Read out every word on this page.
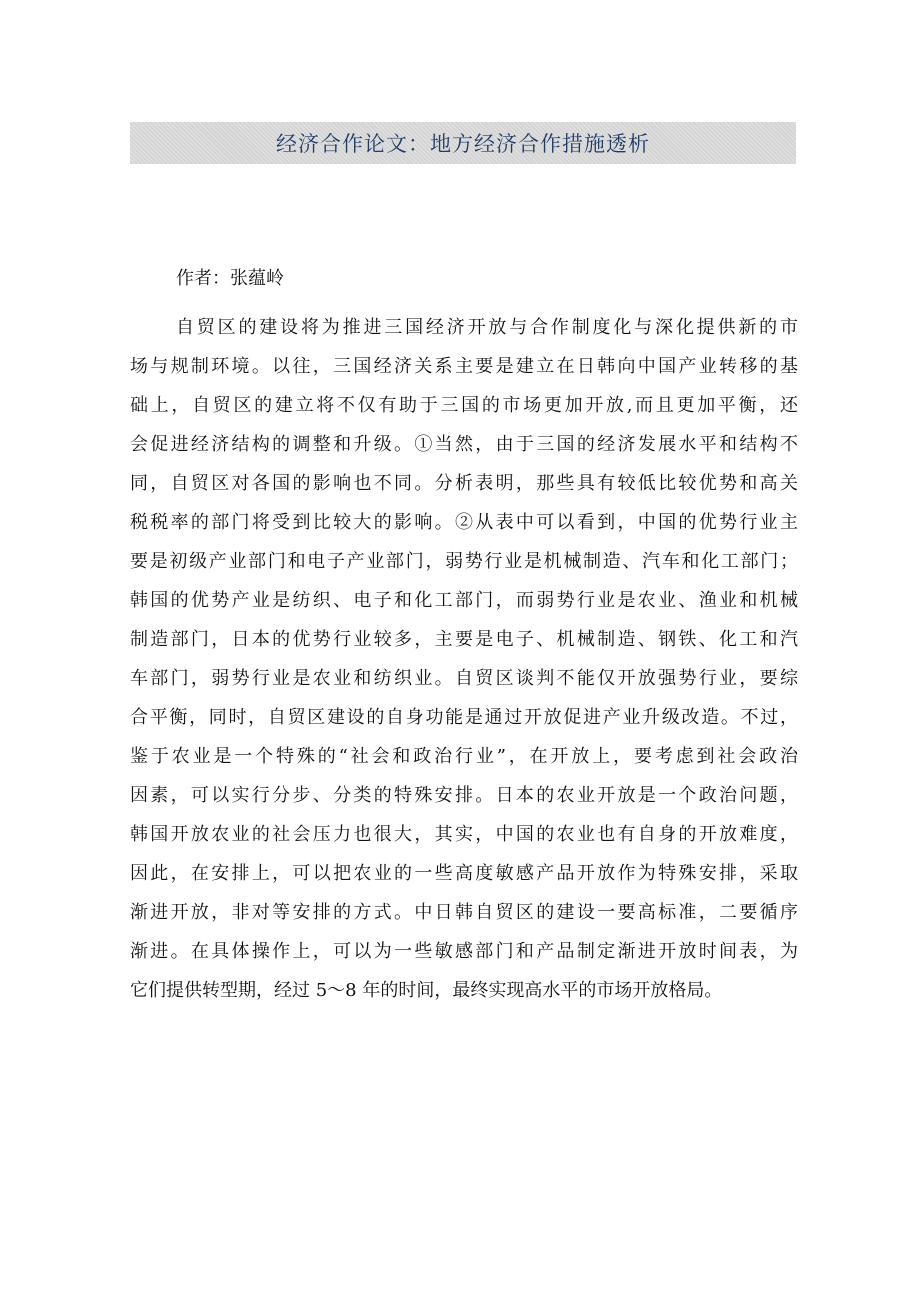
经济合作论文：地方经济合作措施透析
作者：张蕴岭
自贸区的建设将为推进三国经济开放与合作制度化与深化提供新的市
场与规制环境。以往，三国经济关系主要是建立在日韩向中国产业转移的基
础上，自贸区的建立将不仅有助于三国的市场更加开放,而且更加平衡，还
会促进经济结构的调整和升级。①当然，由于三国的经济发展水平和结构不
同，自贸区对各国的影响也不同。分析表明，那些具有较低比较优势和高关
税税率的部门将受到比较大的影响。②从表中可以看到，中国的优势行业主
要是初级产业部门和电子产业部门，弱势行业是机械制造、汽车和化工部门；
韩国的优势产业是纺织、电子和化工部门，而弱势行业是农业、渔业和机械
制造部门，日本的优势行业较多，主要是电子、机械制造、钢铁、化工和汽
车部门，弱势行业是农业和纺织业。自贸区谈判不能仅开放强势行业，要综
合平衡，同时，自贸区建设的自身功能是通过开放促进产业升级改造。不过，
鉴于农业是一个特殊的“社会和政治行业”，在开放上，要考虑到社会政治
因素，可以实行分步、分类的特殊安排。日本的农业开放是一个政治问题，
韩国开放农业的社会压力也很大，其实，中国的农业也有自身的开放难度，
因此，在安排上，可以把农业的一些高度敏感产品开放作为特殊安排，采取
渐进开放，非对等安排的方式。中日韩自贸区的建设一要高标准，二要循序
渐进。在具体操作上，可以为一些敏感部门和产品制定渐进开放时间表，为
它们提供转型期，经过 5～8 年的时间，最终实现高水平的市场开放格局。
